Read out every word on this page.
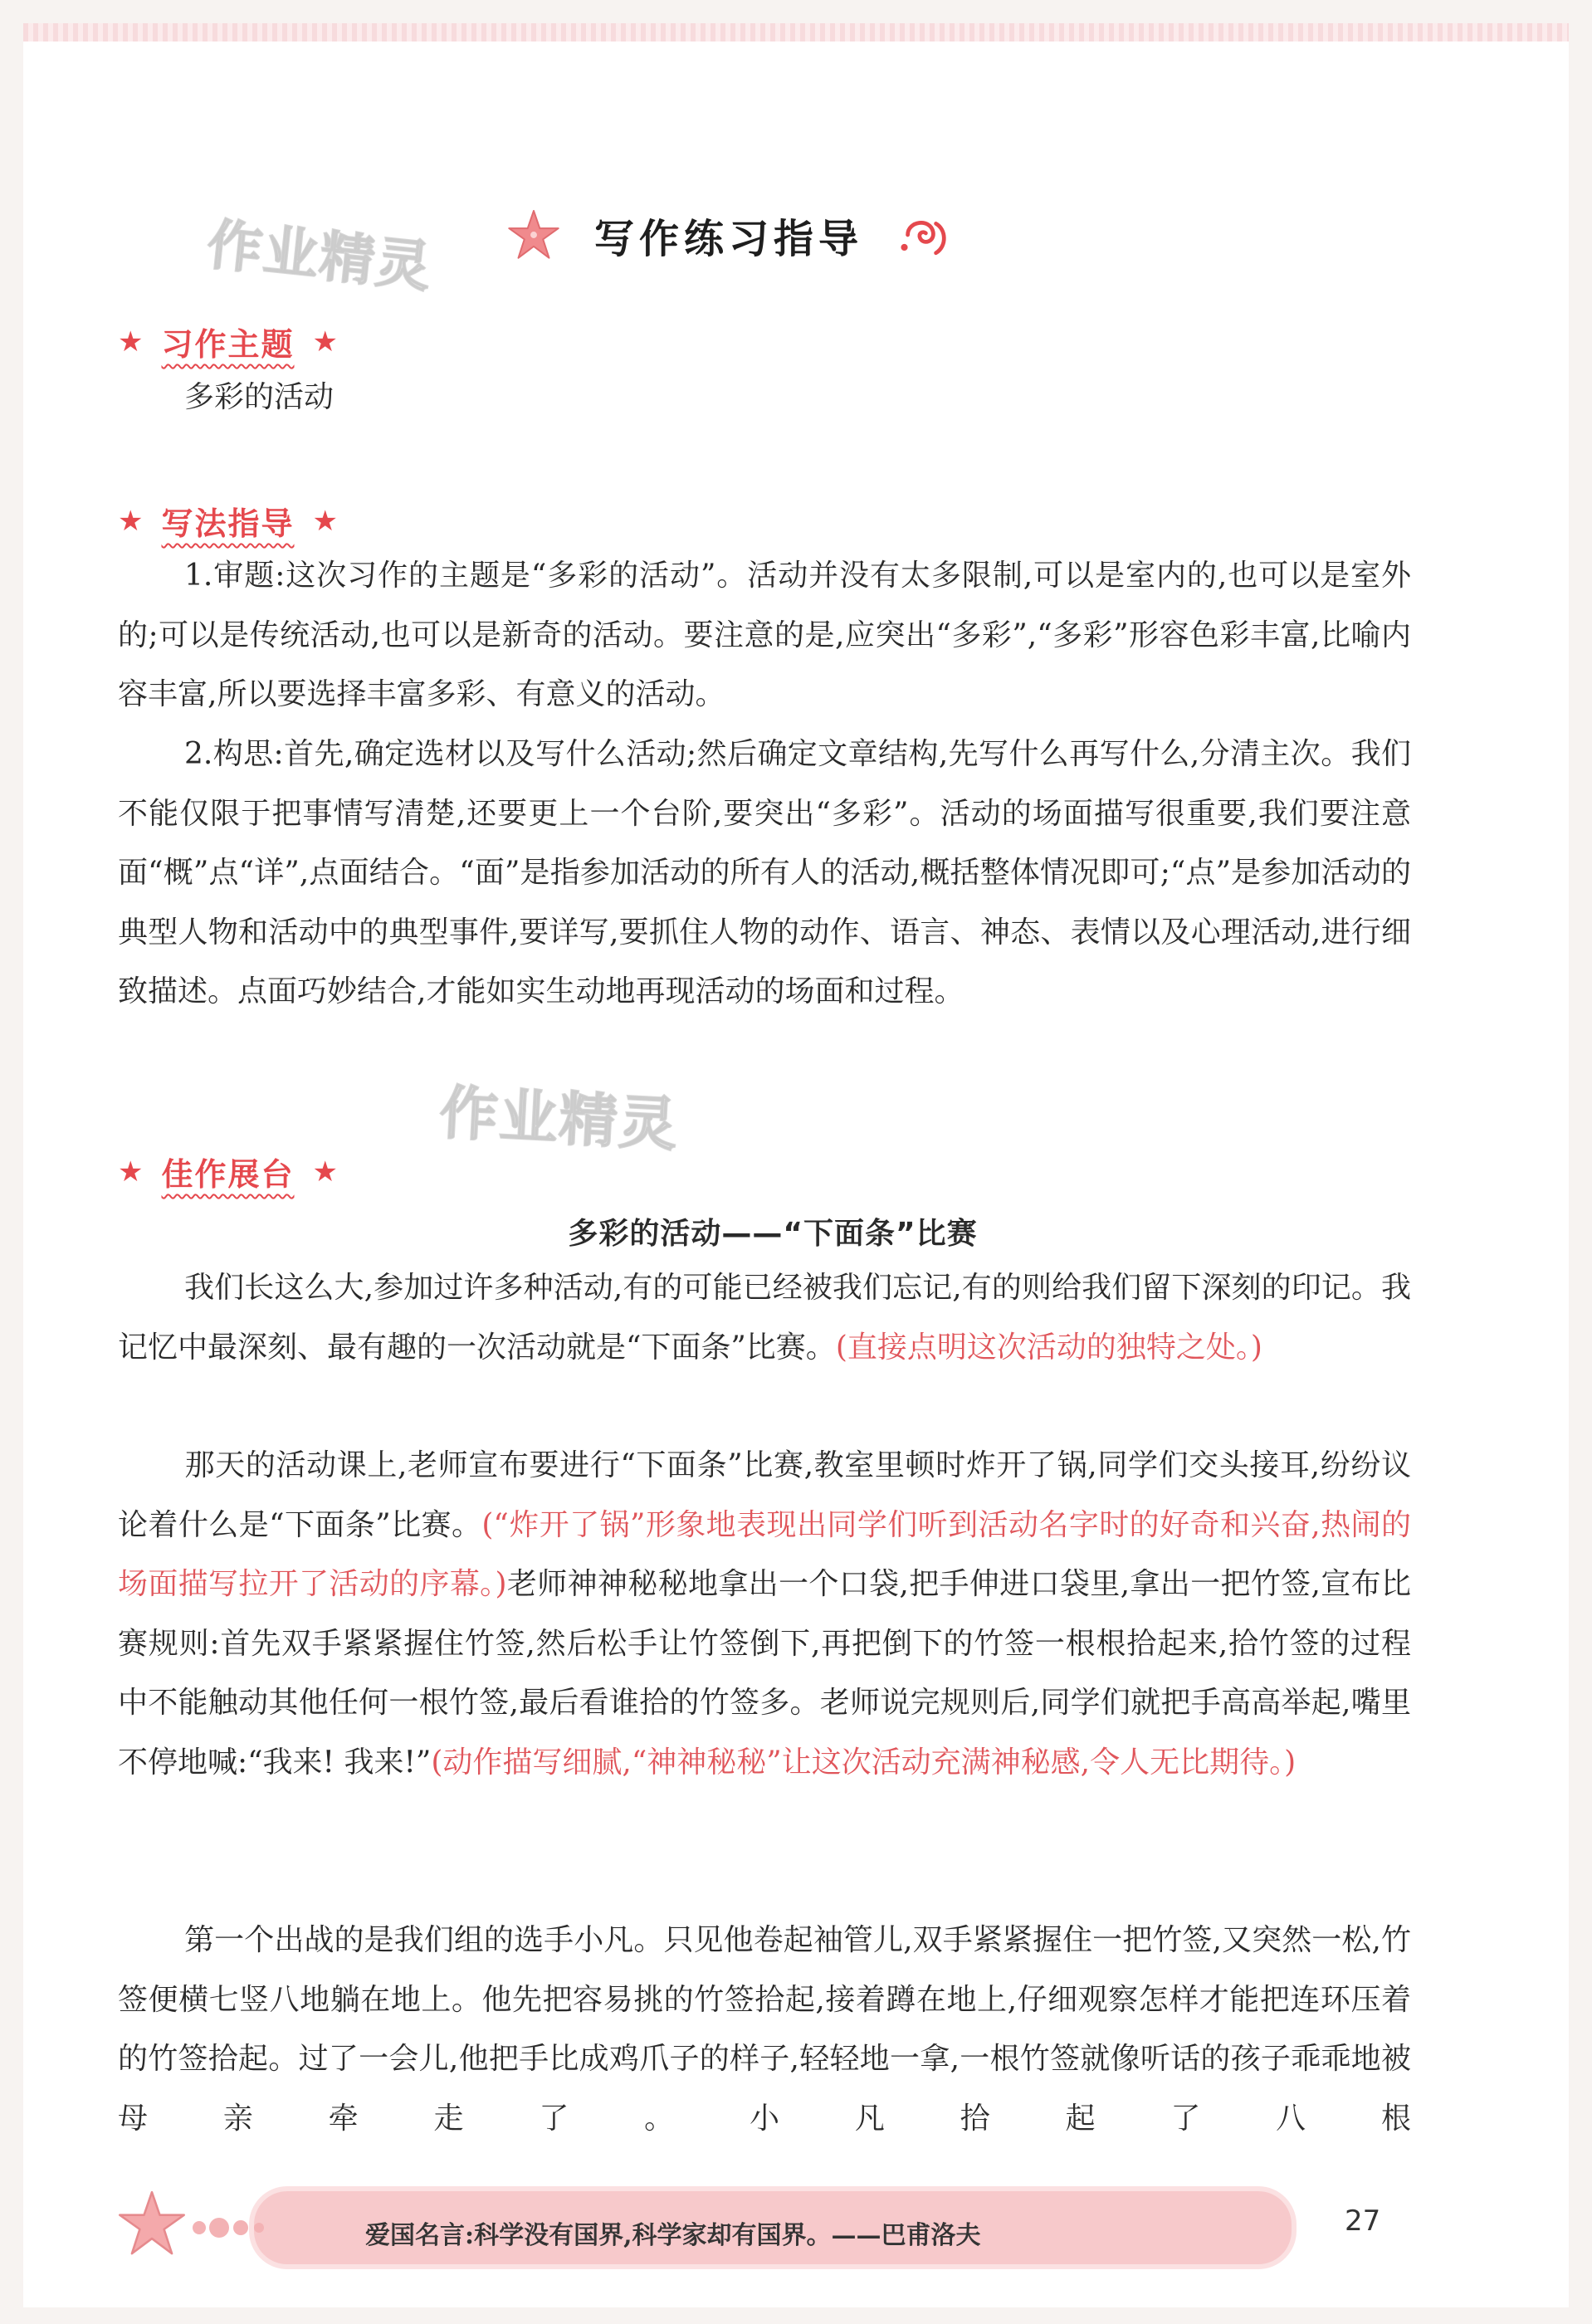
作业精灵
作业精灵
写作练习指导
★ 习作主题 ★
多彩的活动
★ 写法指导 ★
1.审题:这次习作的主题是“多彩的活动”。活动并没有太多限制,可以是室内的,也可以是室外的;可以是传统活动,也可以是新奇的活动。要注意的是,应突出“多彩”,“多彩”形容色彩丰富,比喻内容丰富,所以要选择丰富多彩、有意义的活动。
2.构思:首先,确定选材以及写什么活动;然后确定文章结构,先写什么再写什么,分清主次。我们不能仅限于把事情写清楚,还要更上一个台阶,要突出“多彩”。活动的场面描写很重要,我们要注意面“概”点“详”,点面结合。“面”是指参加活动的所有人的活动,概括整体情况即可;“点”是参加活动的典型人物和活动中的典型事件,要详写,要抓住人物的动作、语言、神态、表情以及心理活动,进行细致描述。点面巧妙结合,才能如实生动地再现活动的场面和过程。
★ 佳作展台 ★
多彩的活动——“下面条”比赛
我们长这么大,参加过许多种活动,有的可能已经被我们忘记,有的则给我们留下深刻的印记。我记忆中最深刻、最有趣的一次活动就是“下面条”比赛。(直接点明这次活动的独特之处。)
那天的活动课上,老师宣布要进行“下面条”比赛,教室里顿时炸开了锅,同学们交头接耳,纷纷议论着什么是“下面条”比赛。(“炸开了锅”形象地表现出同学们听到活动名字时的好奇和兴奋,热闹的场面描写拉开了活动的序幕。)老师神神秘秘地拿出一个口袋,把手伸进口袋里,拿出一把竹签,宣布比赛规则:首先双手紧紧握住竹签,然后松手让竹签倒下,再把倒下的竹签一根根拾起来,拾竹签的过程中不能触动其他任何一根竹签,最后看谁拾的竹签多。老师说完规则后,同学们就把手高高举起,嘴里不停地喊:“我来! 我来!”(动作描写细腻,“神神秘秘”让这次活动充满神秘感,令人无比期待。)
第一个出战的是我们组的选手小凡。只见他卷起袖管儿,双手紧紧握住一把竹签,又突然一松,竹签便横七竖八地躺在地上。他先把容易挑的竹签拾起,接着蹲在地上,仔细观察怎样才能把连环压着的竹签拾起。过了一会儿,他把手比成鸡爪子的样子,轻轻地一拿,一根竹签就像听话的孩子乖乖地被母亲牵走了。小凡拾起了八根
爱国名言:科学没有国界,科学家却有国界。——巴甫洛夫	27
